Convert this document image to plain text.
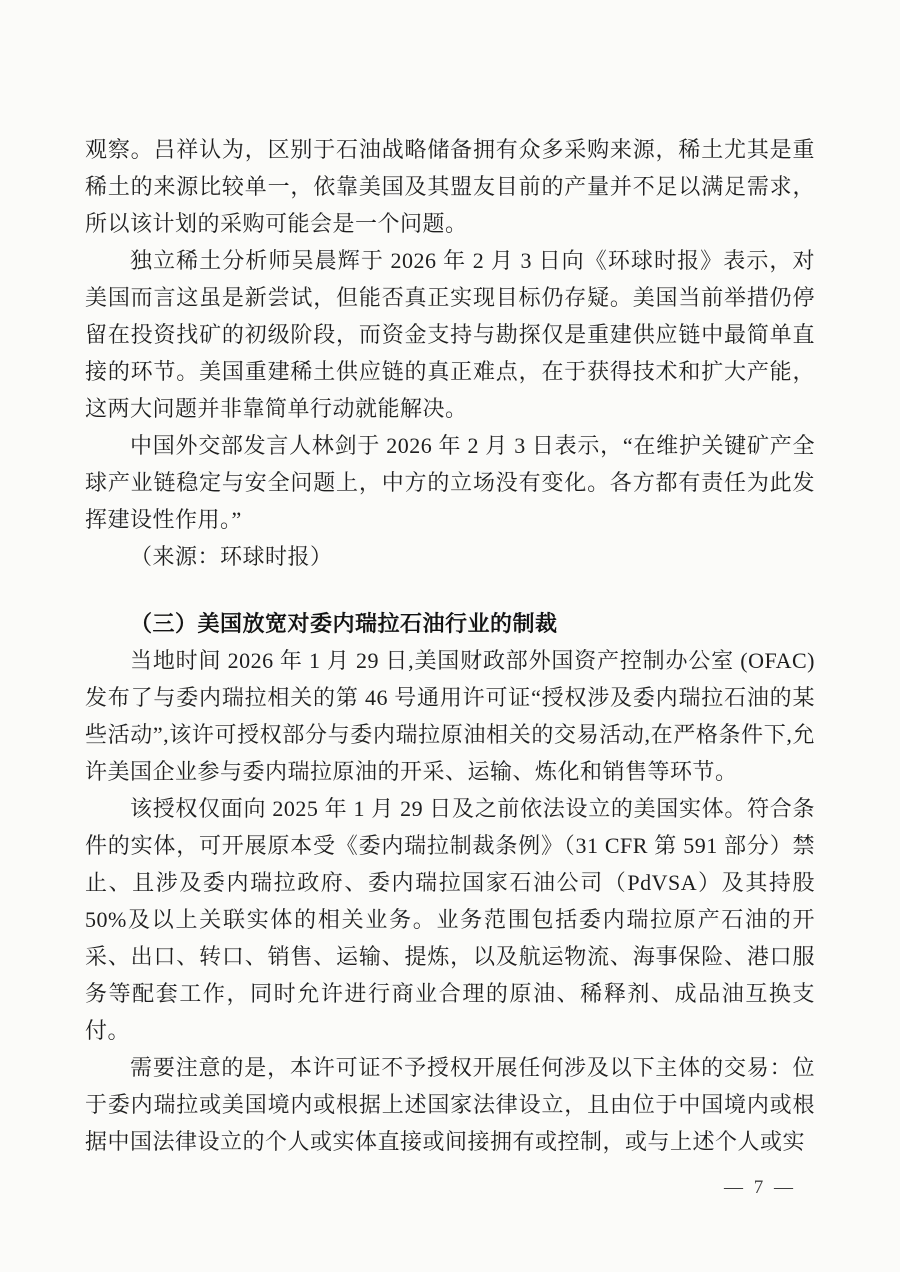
观察。吕祥认为，区别于石油战略储备拥有众多采购来源，稀土尤其是重稀土的来源比较单一，依靠美国及其盟友目前的产量并不足以满足需求，所以该计划的采购可能会是一个问题。

独立稀土分析师吴晨辉于 2026 年 2 月 3 日向《环球时报》表示，对美国而言这虽是新尝试，但能否真正实现目标仍存疑。美国当前举措仍停留在投资找矿的初级阶段，而资金支持与勘探仅是重建供应链中最简单直接的环节。美国重建稀土供应链的真正难点，在于获得技术和扩大产能，这两大问题并非靠简单行动就能解决。

中国外交部发言人林剑于 2026 年 2 月 3 日表示，“在维护关键矿产全球产业链稳定与安全问题上，中方的立场没有变化。各方都有责任为此发挥建设性作用。”

（来源：环球时报）

（三）美国放宽对委内瑞拉石油行业的制裁

当地时间 2026 年 1 月 29 日,美国财政部外国资产控制办公室 (OFAC)发布了与委内瑞拉相关的第 46 号通用许可证“授权涉及委内瑞拉石油的某些活动”,该许可授权部分与委内瑞拉原油相关的交易活动,在严格条件下,允许美国企业参与委内瑞拉原油的开采、运输、炼化和销售等环节。

该授权仅面向 2025 年 1 月 29 日及之前依法设立的美国实体。符合条件的实体，可开展原本受《委内瑞拉制裁条例》（31 CFR 第 591 部分）禁止、且涉及委内瑞拉政府、委内瑞拉国家石油公司（PdVSA）及其持股50%及以上关联实体的相关业务。业务范围包括委内瑞拉原产石油的开采、出口、转口、销售、运输、提炼，以及航运物流、海事保险、港口服务等配套工作，同时允许进行商业合理的原油、稀释剂、成品油互换支付。

需要注意的是，本许可证不予授权开展任何涉及以下主体的交易：位于委内瑞拉或美国境内或根据上述国家法律设立，且由位于中国境内或根据中国法律设立的个人或实体直接或间接拥有或控制，或与上述个人或实

— 7 —
